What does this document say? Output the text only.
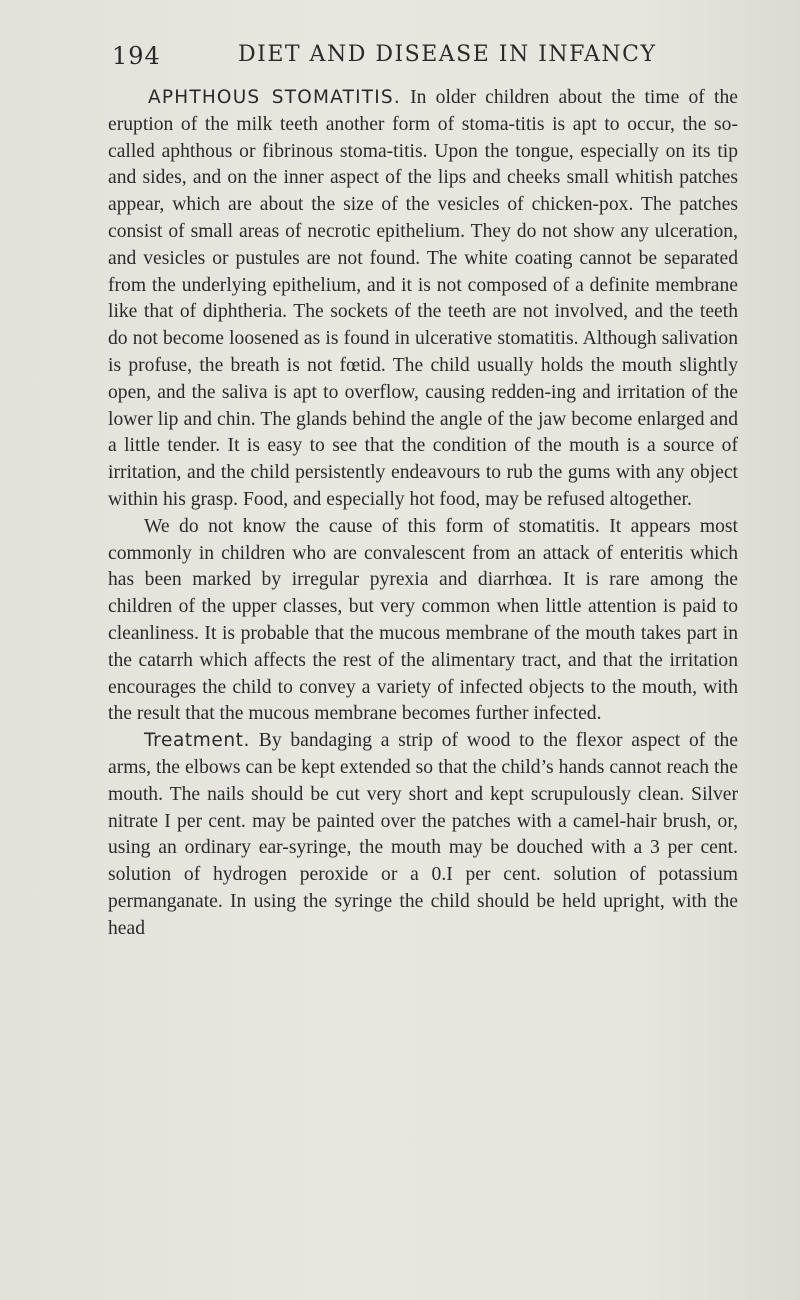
194	DIET AND DISEASE IN INFANCY

APHTHOUS STOMATITIS. In older children about the time of the eruption of the milk teeth another form of stoma-titis is apt to occur, the so-called aphthous or fibrinous stoma-titis. Upon the tongue, especially on its tip and sides, and on the inner aspect of the lips and cheeks small whitish patches appear, which are about the size of the vesicles of chicken-pox. The patches consist of small areas of necrotic epithelium. They do not show any ulceration, and vesicles or pustules are not found. The white coating cannot be separated from the underlying epithelium, and it is not composed of a definite membrane like that of diphtheria. The sockets of the teeth are not involved, and the teeth do not become loosened as is found in ulcerative stomatitis. Although salivation is profuse, the breath is not fœtid. The child usually holds the mouth slightly open, and the saliva is apt to overflow, causing redden-ing and irritation of the lower lip and chin. The glands behind the angle of the jaw become enlarged and a little tender. It is easy to see that the condition of the mouth is a source of irritation, and the child persistently endeavours to rub the gums with any object within his grasp. Food, and especially hot food, may be refused altogether.

We do not know the cause of this form of stomatitis. It appears most commonly in children who are convalescent from an attack of enteritis which has been marked by irregular pyrexia and diarrhœa. It is rare among the children of the upper classes, but very common when little attention is paid to cleanliness. It is probable that the mucous membrane of the mouth takes part in the catarrh which affects the rest of the alimentary tract, and that the irritation encourages the child to convey a variety of infected objects to the mouth, with the result that the mucous membrane becomes further infected.

Treatment. By bandaging a strip of wood to the flexor aspect of the arms, the elbows can be kept extended so that the child’s hands cannot reach the mouth. The nails should be cut very short and kept scrupulously clean. Silver nitrate I per cent. may be painted over the patches with a camel-hair brush, or, using an ordinary ear-syringe, the mouth may be douched with a 3 per cent. solution of hydrogen peroxide or a 0.I per cent. solution of potassium permanganate. In using the syringe the child should be held upright, with the head
